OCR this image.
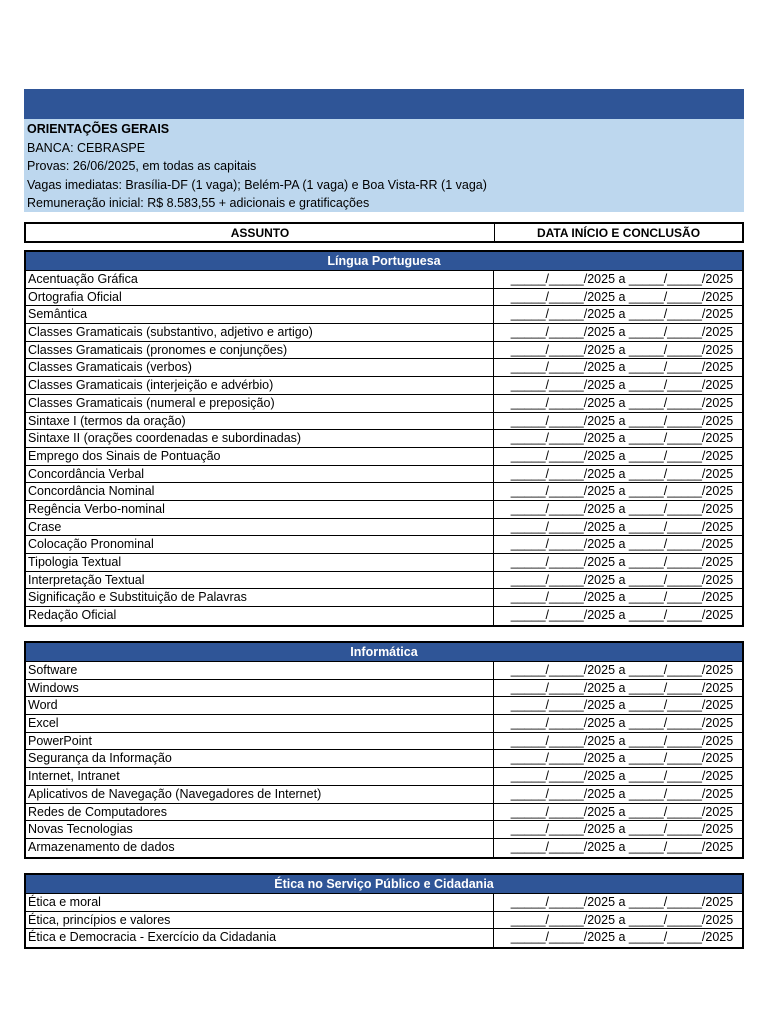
ORIENTAÇÕES GERAIS
BANCA: CEBRASPE
Provas: 26/06/2025, em todas as capitais
Vagas imediatas: Brasília-DF (1 vaga); Belém-PA (1 vaga) e Boa Vista-RR (1 vaga)
Remuneração inicial: R$ 8.583,55 + adicionais e gratificações
ASSUNTO	DATA INÍCIO E CONCLUSÃO
Língua Portuguesa
Acentuação Gráfica	_____/_____/2025 a _____/_____/2025
Ortografia Oficial	_____/_____/2025 a _____/_____/2025
Semântica	_____/_____/2025 a _____/_____/2025
Classes Gramaticais (substantivo, adjetivo e artigo)	_____/_____/2025 a _____/_____/2025
Classes Gramaticais (pronomes e conjunções)	_____/_____/2025 a _____/_____/2025
Classes Gramaticais (verbos)	_____/_____/2025 a _____/_____/2025
Classes Gramaticais (interjeição e advérbio)	_____/_____/2025 a _____/_____/2025
Classes Gramaticais (numeral e preposição)	_____/_____/2025 a _____/_____/2025
Sintaxe I (termos da oração)	_____/_____/2025 a _____/_____/2025
Sintaxe II (orações coordenadas e subordinadas)	_____/_____/2025 a _____/_____/2025
Emprego dos Sinais de Pontuação	_____/_____/2025 a _____/_____/2025
Concordância Verbal	_____/_____/2025 a _____/_____/2025
Concordância Nominal	_____/_____/2025 a _____/_____/2025
Regência Verbo-nominal	_____/_____/2025 a _____/_____/2025
Crase	_____/_____/2025 a _____/_____/2025
Colocação Pronominal	_____/_____/2025 a _____/_____/2025
Tipologia Textual	_____/_____/2025 a _____/_____/2025
Interpretação Textual	_____/_____/2025 a _____/_____/2025
Significação e Substituição de Palavras	_____/_____/2025 a _____/_____/2025
Redação Oficial	_____/_____/2025 a _____/_____/2025
Informática
Software	_____/_____/2025 a _____/_____/2025
Windows	_____/_____/2025 a _____/_____/2025
Word	_____/_____/2025 a _____/_____/2025
Excel	_____/_____/2025 a _____/_____/2025
PowerPoint	_____/_____/2025 a _____/_____/2025
Segurança da Informação	_____/_____/2025 a _____/_____/2025
Internet, Intranet	_____/_____/2025 a _____/_____/2025
Aplicativos de Navegação (Navegadores de Internet)	_____/_____/2025 a _____/_____/2025
Redes de Computadores	_____/_____/2025 a _____/_____/2025
Novas Tecnologias	_____/_____/2025 a _____/_____/2025
Armazenamento de dados	_____/_____/2025 a _____/_____/2025
Ética no Serviço Público e Cidadania
Ética e moral	_____/_____/2025 a _____/_____/2025
Ética, princípios e valores	_____/_____/2025 a _____/_____/2025
Ética e Democracia - Exercício da Cidadania	_____/_____/2025 a _____/_____/2025
